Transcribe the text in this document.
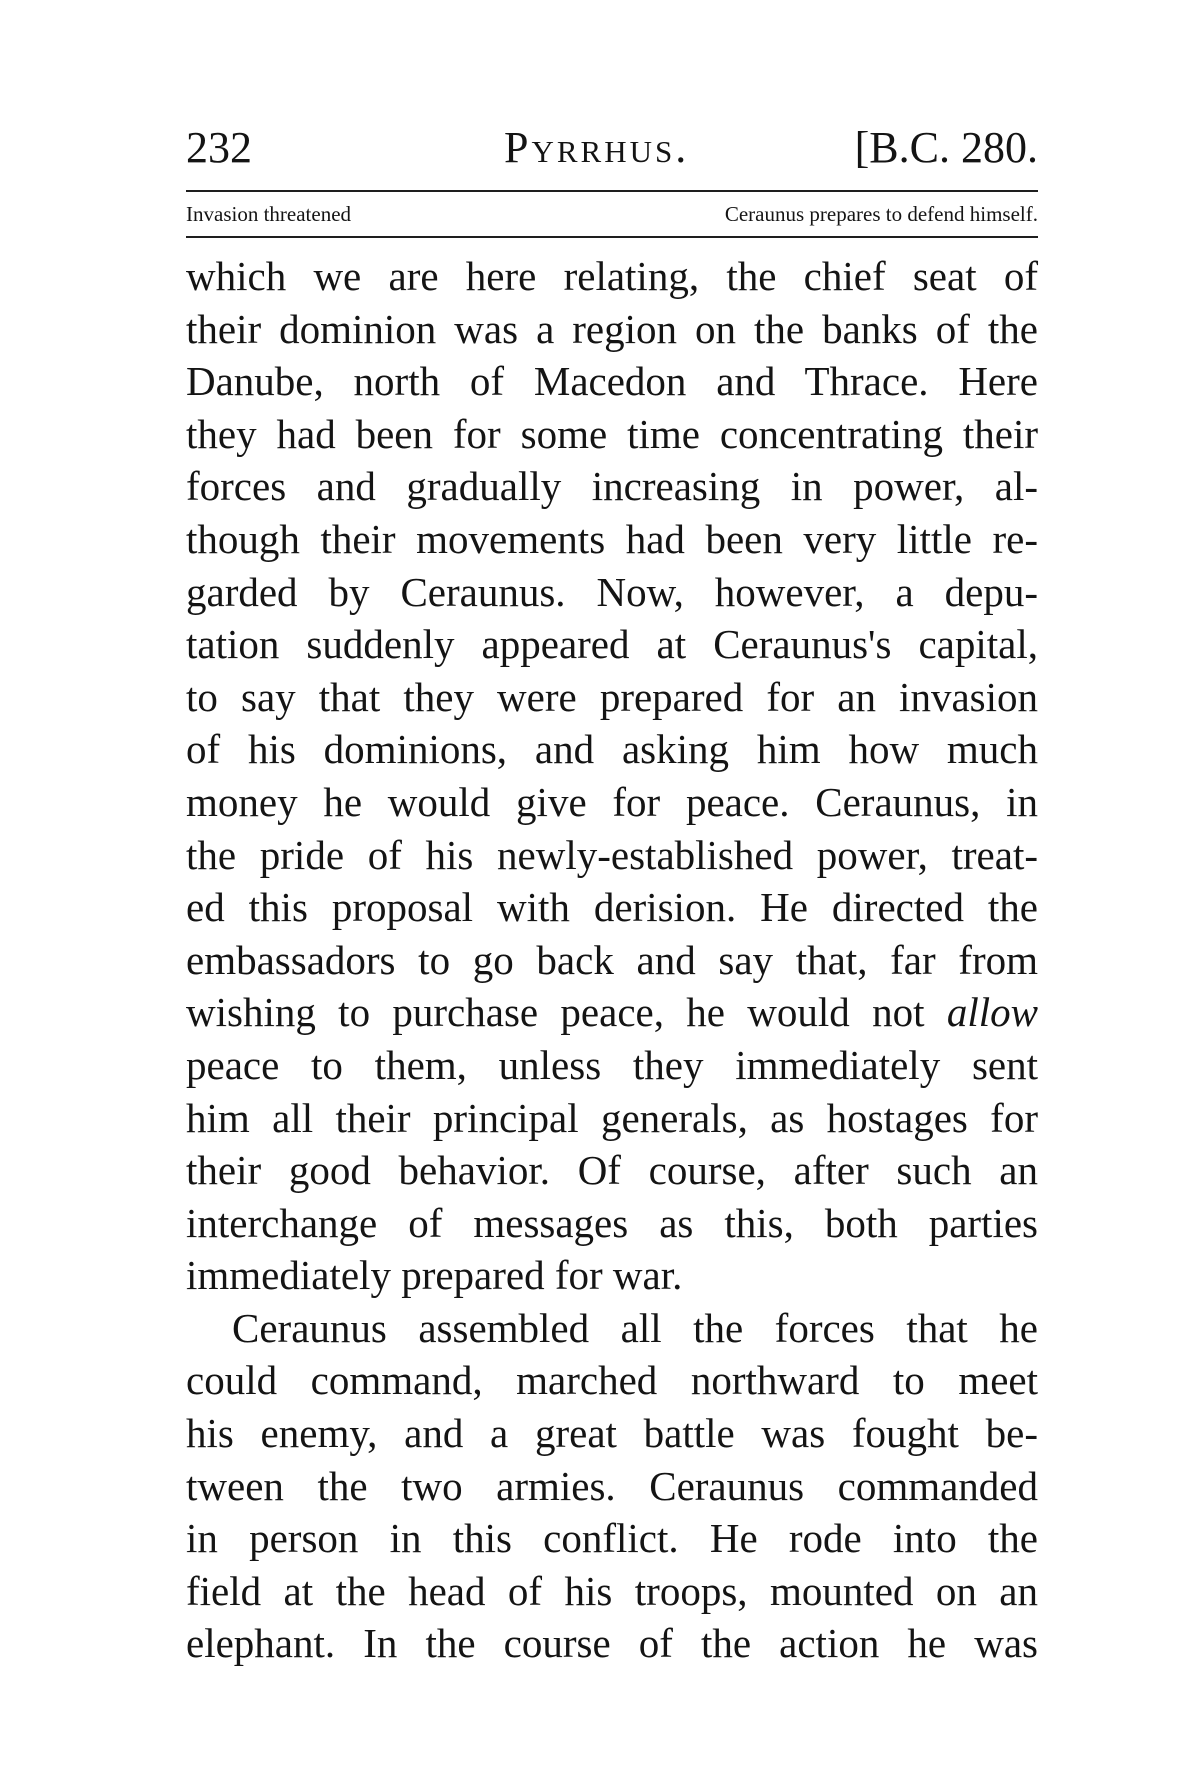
232	Pyrrhus.	[B.C. 280.
Invasion threatened	Ceraunus prepares to defend himself.
which we are here relating, the chief seat of
their dominion was a region on the banks of the
Danube, north of Macedon and Thrace. Here
they had been for some time concentrating their
forces and gradually increasing in power, al-
though their movements had been very little re-
garded by Ceraunus. Now, however, a depu-
tation suddenly appeared at Ceraunus's capital,
to say that they were prepared for an invasion
of his dominions, and asking him how much
money he would give for peace. Ceraunus, in
the pride of his newly-established power, treat-
ed this proposal with derision. He directed the
embassadors to go back and say that, far from
wishing to purchase peace, he would not allow
peace to them, unless they immediately sent
him all their principal generals, as hostages for
their good behavior. Of course, after such an
interchange of messages as this, both parties
immediately prepared for war.
Ceraunus assembled all the forces that he
could command, marched northward to meet
his enemy, and a great battle was fought be-
tween the two armies. Ceraunus commanded
in person in this conflict. He rode into the
field at the head of his troops, mounted on an
elephant. In the course of the action he was
